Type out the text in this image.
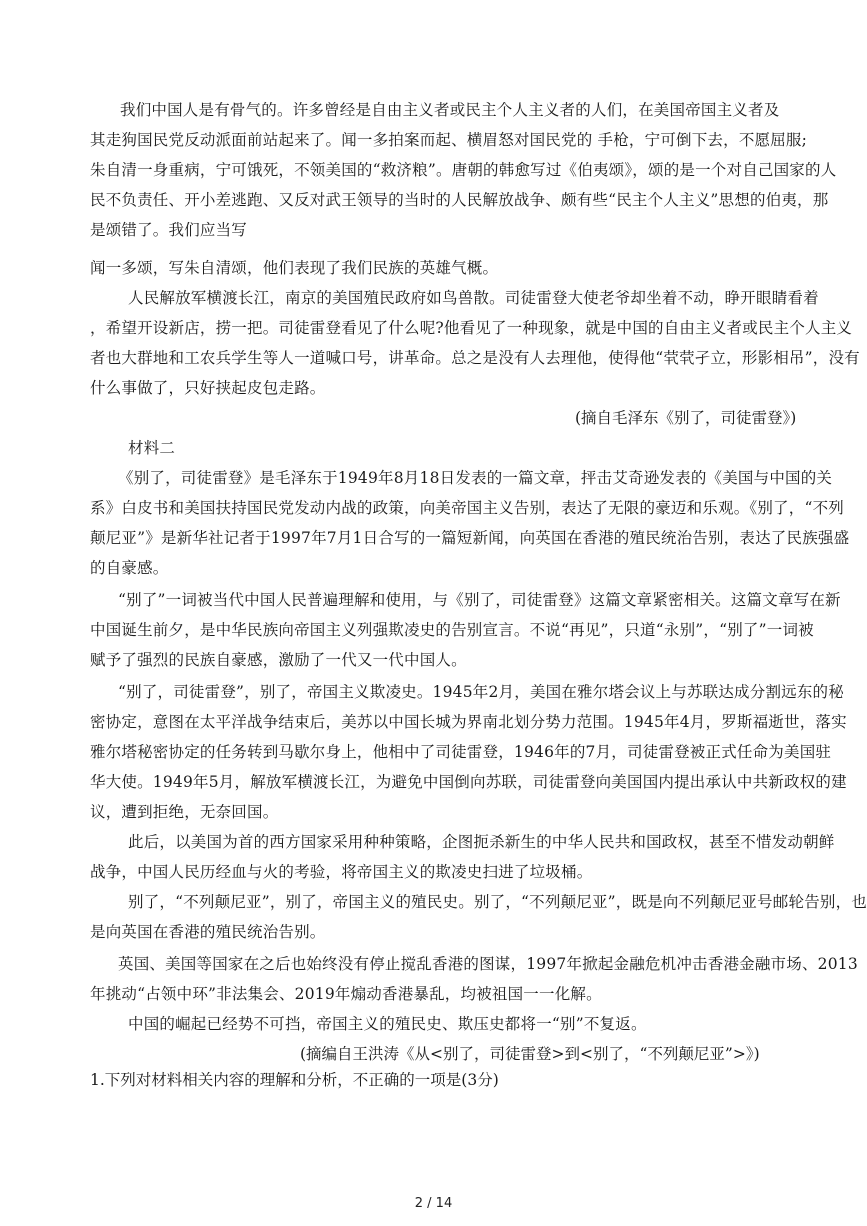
我们中国人是有骨气的。许多曾经是自由主义者或民主个人主义者的人们，在美国帝国主义者及
其走狗国民党反动派面前站起来了。闻一多拍案而起、横眉怒对国民党的 手枪，宁可倒下去，不愿屈服;
朱自清一身重病，宁可饿死，不领美国的“救济粮”。唐朝的韩愈写过《伯夷颂》，颂的是一个对自己国家的人
民不负责任、开小差逃跑、又反对武王领导的当时的人民解放战争、颇有些“民主个人主义”思想的伯夷，那
是颂错了。我们应当写
闻一多颂，写朱自清颂，他们表现了我们民族的英雄气概。
人民解放军横渡长江，南京的美国殖民政府如鸟兽散。司徒雷登大使老爷却坐着不动，睁开眼睛看着
，希望开设新店，捞一把。司徒雷登看见了什么呢?他看见了一种现象，就是中国的自由主义者或民主个人主义
者也大群地和工农兵学生等人一道喊口号，讲革命。总之是没有人去理他，使得他“茕茕孑立，形影相吊”，没有
什么事做了，只好挟起皮包走路。
(摘自毛泽东《别了，司徒雷登》)
材料二
《别了，司徒雷登》是毛泽东于1949年8月18日发表的一篇文章，抨击艾奇逊发表的《美国与中国的关
系》白皮书和美国扶持国民党发动内战的政策，向美帝国主义告别，表达了无限的豪迈和乐观。《别了，“不列
颠尼亚”》是新华社记者于1997年7月1日合写的一篇短新闻，向英国在香港的殖民统治告别，表达了民族强盛
的自豪感。
“别了”一词被当代中国人民普遍理解和使用，与《别了，司徒雷登》这篇文章紧密相关。这篇文章写在新
中国诞生前夕，是中华民族向帝国主义列强欺凌史的告别宣言。不说“再见”，只道“永别”，“别了”一词被
赋予了强烈的民族自豪感，激励了一代又一代中国人。
“别了，司徒雷登”，别了，帝国主义欺凌史。1945年2月，美国在雅尔塔会议上与苏联达成分割远东的秘
密协定，意图在太平洋战争结束后，美苏以中国长城为界南北划分势力范围。1945年4月，罗斯福逝世，落实
雅尔塔秘密协定的任务转到马歇尔身上，他相中了司徒雷登，1946年的7月，司徒雷登被正式任命为美国驻
华大使。1949年5月，解放军横渡长江，为避免中国倒向苏联，司徒雷登向美国国内提出承认中共新政权的建
议，遭到拒绝，无奈回国。
此后，以美国为首的西方国家采用种种策略，企图扼杀新生的中华人民共和国政权，甚至不惜发动朝鲜
战争，中国人民历经血与火的考验，将帝国主义的欺凌史扫进了垃圾桶。
别了，“不列颠尼亚”，别了，帝国主义的殖民史。别了，“不列颠尼亚”，既是向不列颠尼亚号邮轮告别，也
是向英国在香港的殖民统治告别。
英国、美国等国家在之后也始终没有停止搅乱香港的图谋，1997年掀起金融危机冲击香港金融市场、2013
年挑动“占领中环”非法集会、2019年煽动香港暴乱，均被祖国一一化解。
中国的崛起已经势不可挡，帝国主义的殖民史、欺压史都将一“别”不复返。
(摘编自王洪涛《从<别了，司徒雷登>到<别了，“不列颠尼亚”>》)
1.下列对材料相关内容的理解和分析，不正确的一项是(3分)
2 / 14
